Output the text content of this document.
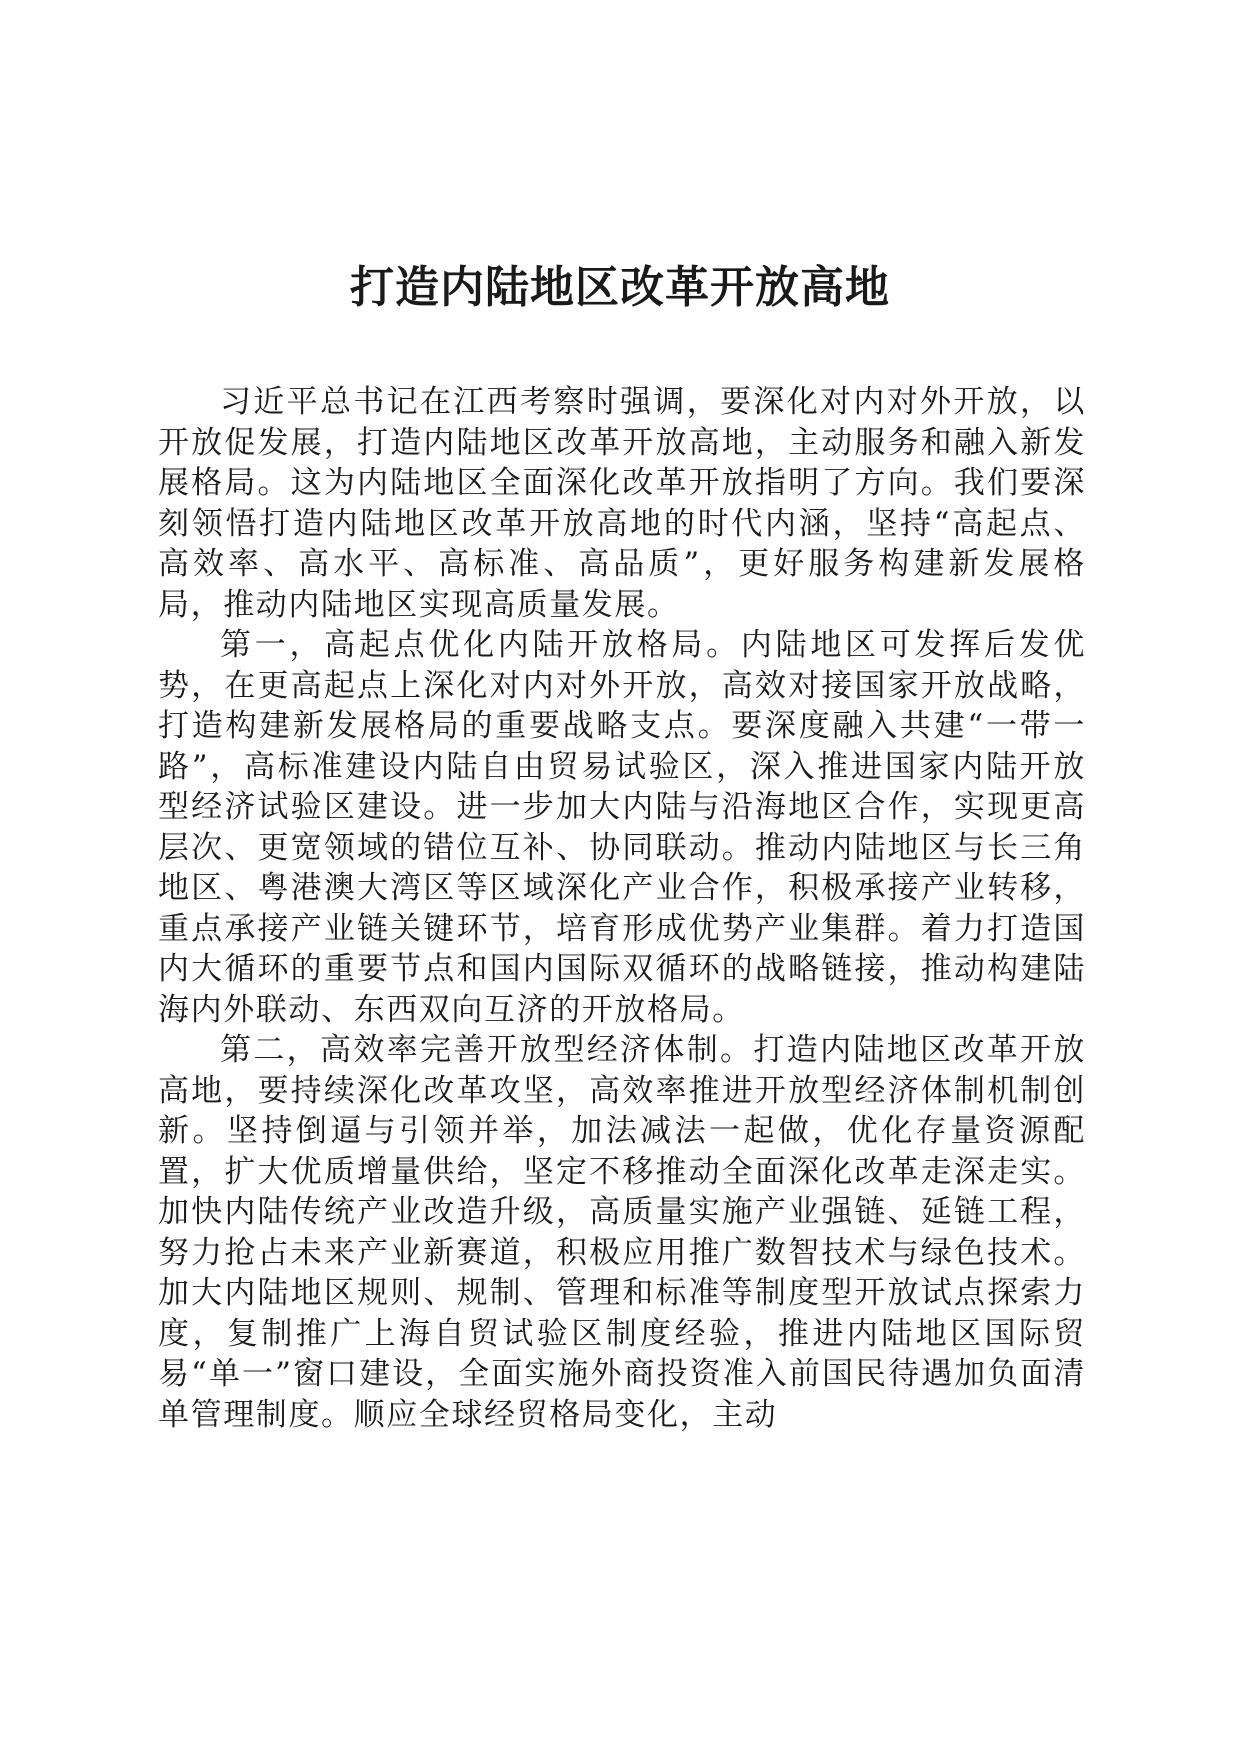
打造内陆地区改革开放高地

习近平总书记在江西考察时强调，要深化对内对外开放，以开放促发展，打造内陆地区改革开放高地，主动服务和融入新发展格局。这为内陆地区全面深化改革开放指明了方向。我们要深刻领悟打造内陆地区改革开放高地的时代内涵，坚持“高起点、高效率、高水平、高标准、高品质”，更好服务构建新发展格局，推动内陆地区实现高质量发展。

第一，高起点优化内陆开放格局。内陆地区可发挥后发优势，在更高起点上深化对内对外开放，高效对接国家开放战略，打造构建新发展格局的重要战略支点。要深度融入共建“一带一路”，高标准建设内陆自由贸易试验区，深入推进国家内陆开放型经济试验区建设。进一步加大内陆与沿海地区合作，实现更高层次、更宽领域的错位互补、协同联动。推动内陆地区与长三角地区、粤港澳大湾区等区域深化产业合作，积极承接产业转移，重点承接产业链关键环节，培育形成优势产业集群。着力打造国内大循环的重要节点和国内国际双循环的战略链接，推动构建陆海内外联动、东西双向互济的开放格局。

第二，高效率完善开放型经济体制。打造内陆地区改革开放高地，要持续深化改革攻坚，高效率推进开放型经济体制机制创新。坚持倒逼与引领并举，加法减法一起做，优化存量资源配置，扩大优质增量供给，坚定不移推动全面深化改革走深走实。加快内陆传统产业改造升级，高质量实施产业强链、延链工程，努力抢占未来产业新赛道，积极应用推广数智技术与绿色技术。加大内陆地区规则、规制、管理和标准等制度型开放试点探索力度，复制推广上海自贸试验区制度经验，推进内陆地区国际贸易“单一”窗口建设，全面实施外商投资准入前国民待遇加负面清单管理制度。顺应全球经贸格局变化，主动
